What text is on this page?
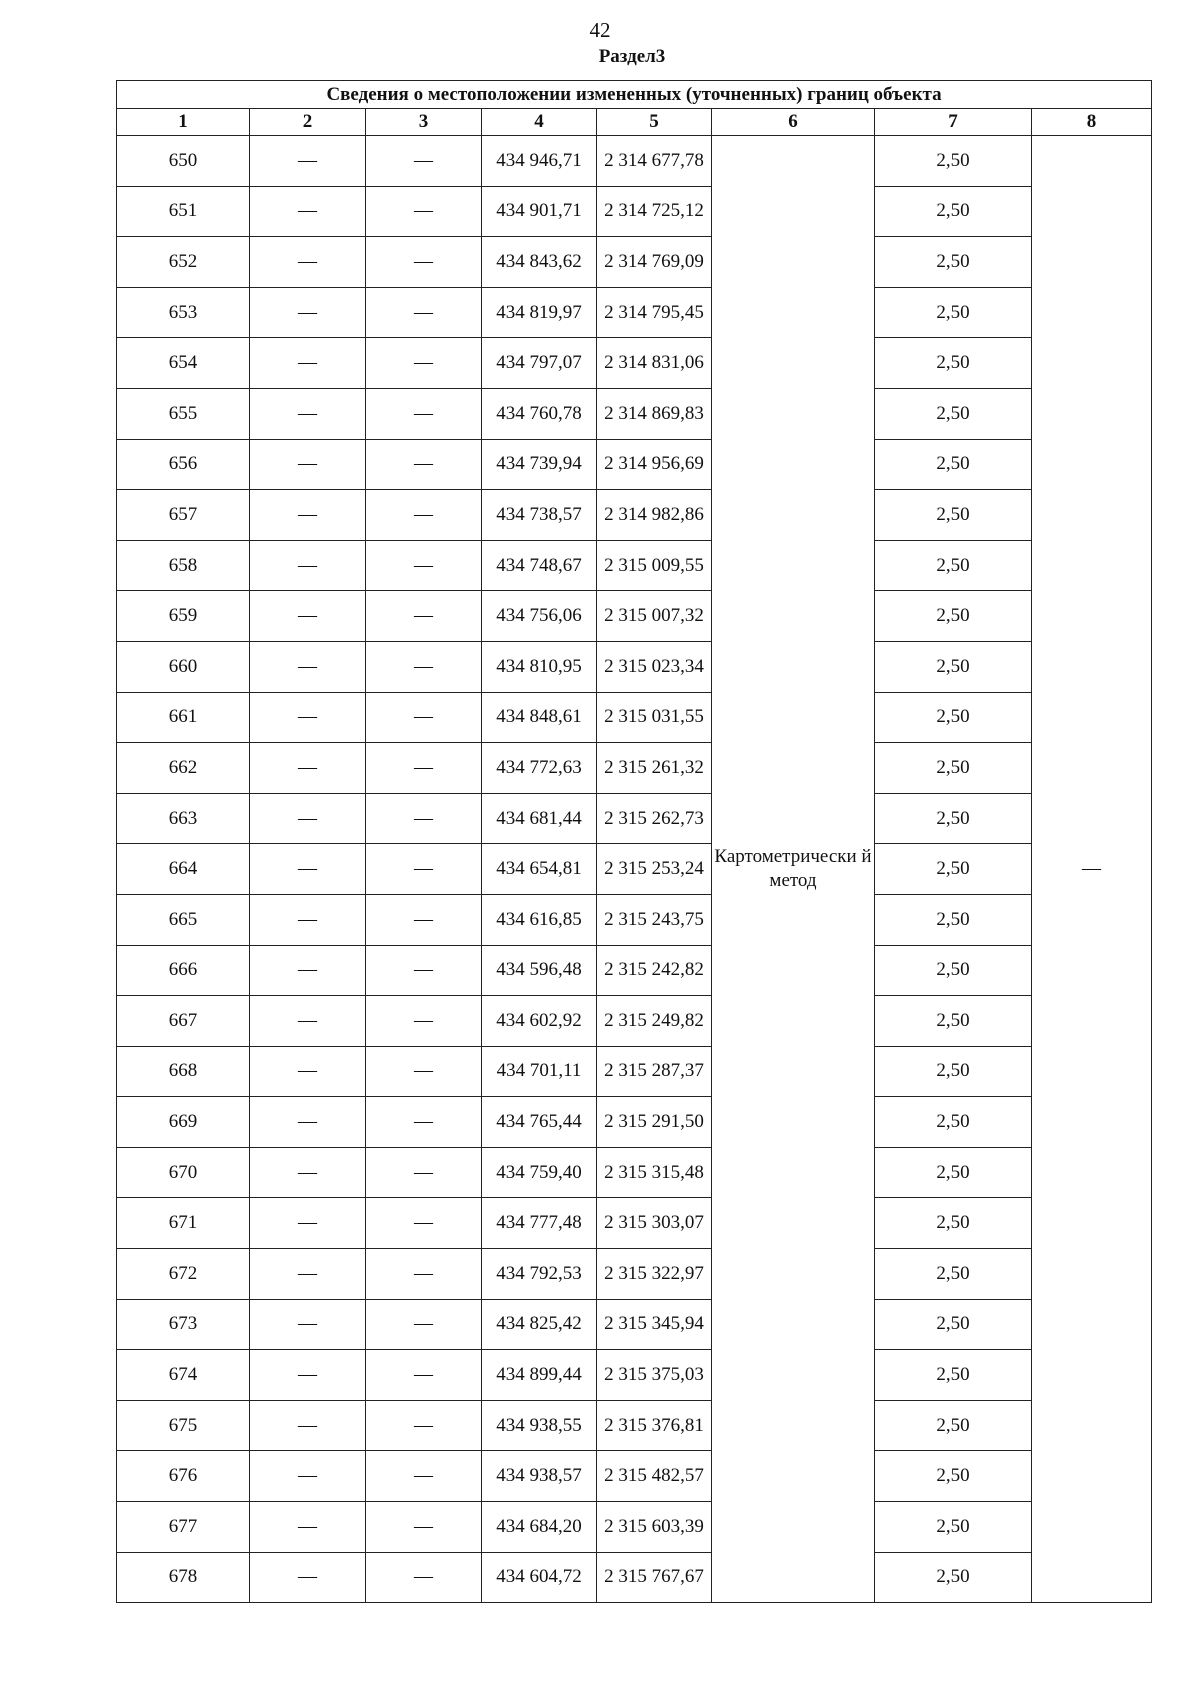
42
Раздел3
Сведения о местоположении измененных (уточненных) границ объекта							
1	2	3	4	5	6	7	8
650	—	—	434 946,71	2 314 677,78	Картометрически й метод	2,50	—
651	—	—	434 901,71	2 314 725,12		2,50	
652	—	—	434 843,62	2 314 769,09		2,50	
653	—	—	434 819,97	2 314 795,45		2,50	
654	—	—	434 797,07	2 314 831,06		2,50	
655	—	—	434 760,78	2 314 869,83		2,50	
656	—	—	434 739,94	2 314 956,69		2,50	
657	—	—	434 738,57	2 314 982,86		2,50	
658	—	—	434 748,67	2 315 009,55		2,50	
659	—	—	434 756,06	2 315 007,32		2,50	
660	—	—	434 810,95	2 315 023,34		2,50	
661	—	—	434 848,61	2 315 031,55		2,50	
662	—	—	434 772,63	2 315 261,32		2,50	
663	—	—	434 681,44	2 315 262,73		2,50	
664	—	—	434 654,81	2 315 253,24		2,50	
665	—	—	434 616,85	2 315 243,75		2,50	
666	—	—	434 596,48	2 315 242,82		2,50	
667	—	—	434 602,92	2 315 249,82		2,50	
668	—	—	434 701,11	2 315 287,37		2,50	
669	—	—	434 765,44	2 315 291,50		2,50	
670	—	—	434 759,40	2 315 315,48		2,50	
671	—	—	434 777,48	2 315 303,07		2,50	
672	—	—	434 792,53	2 315 322,97		2,50	
673	—	—	434 825,42	2 315 345,94		2,50	
674	—	—	434 899,44	2 315 375,03		2,50	
675	—	—	434 938,55	2 315 376,81		2,50	
676	—	—	434 938,57	2 315 482,57		2,50	
677	—	—	434 684,20	2 315 603,39		2,50	
678	—	—	434 604,72	2 315 767,67		2,50	
